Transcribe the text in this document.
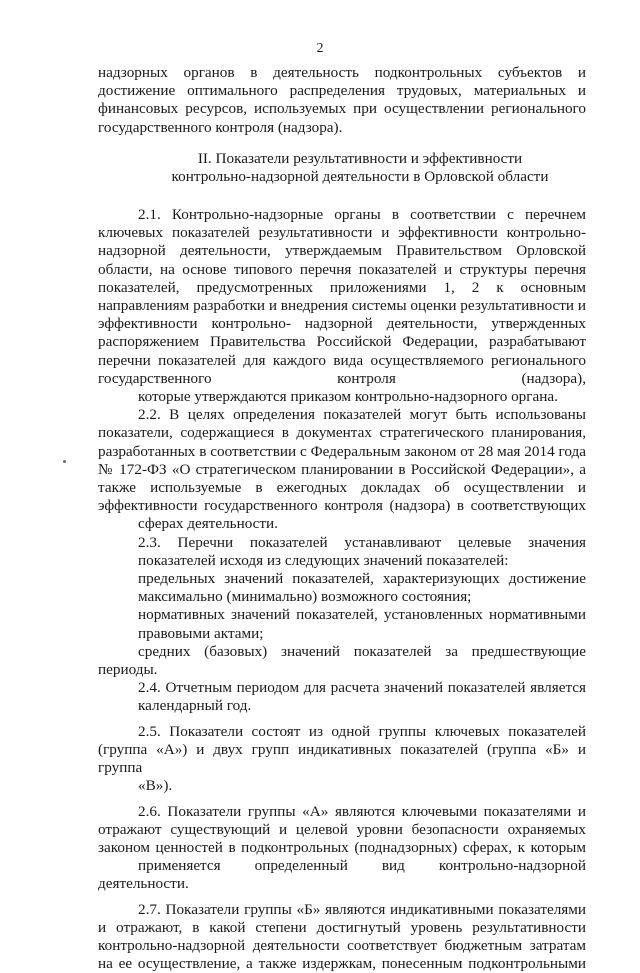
2

надзорных органов в деятельность подконтрольных субъектов и достижение оптимального распределения трудовых, материальных и финансовых ресурсов, используемых при осуществлении регионального
государственного контроля (надзора).

II. Показатели результативности и эффективности
контрольно-надзорной деятельности в Орловской области

2.1. Контрольно-надзорные органы в соответствии с перечнем ключевых показателей результативности и эффективности контрольно- надзорной деятельности, утверждаемым Правительством Орловской области, на основе типового перечня показателей и структуры перечня показателей, предусмотренных приложениями 1, 2 к основным направлениям разработки и внедрения системы оценки результативности и эффективности контрольно- надзорной деятельности, утвержденных распоряжением Правительства Российской Федерации, разрабатывают перечни показателей для каждого вида осуществляемого регионального государственного контроля (надзора),
которые утверждаются приказом контрольно-надзорного органа.

2.2. В целях определения показателей могут быть использованы показатели, содержащиеся в документах стратегического планирования, разработанных в соответствии с Федеральным законом от 28 мая 2014 года № 172-ФЗ «О стратегическом планировании в Российской Федерации», а также используемые в ежегодных докладах об осуществлении и эффективности государственного контроля (надзора) в соответствующих
сферах деятельности.

2.3. Перечни показателей устанавливают целевые значения
показателей исходя из следующих значений показателей:

предельных значений показателей, характеризующих достижение
максимально (минимально) возможного состояния;

нормативных значений показателей, установленных нормативными
правовыми актами;

средних (базовых) значений показателей за предшествующие периоды.

2.4. Отчетным периодом для расчета значений показателей является
календарный год.

2.5. Показатели состоят из одной группы ключевых показателей (группа «А») и двух групп индикативных показателей (группа «Б» и группа
«В»).

2.6. Показатели группы «А» являются ключевыми показателями и отражают существующий и целевой уровни безопасности охраняемых законом ценностей в подконтрольных (поднадзорных) сферах, к которым
применяется определенный вид контрольно-надзорной деятельности.

2.7. Показатели группы «Б» являются индикативными показателями и отражают, в какой степени достигнутый уровень результативности контрольно-надзорной деятельности соответствует бюджетным затратам на ее осуществление, а также издержкам, понесенным подконтрольными
